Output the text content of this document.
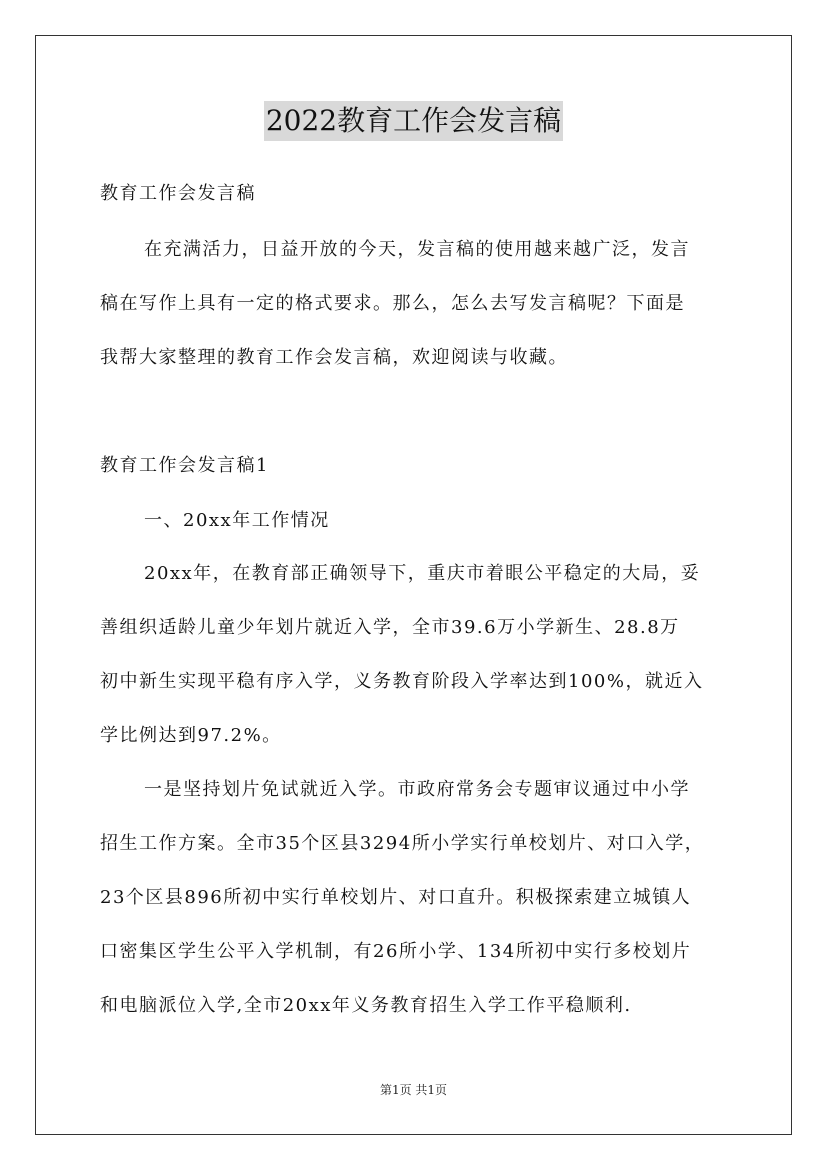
2022教育工作会发言稿
教育工作会发言稿
在充满活力，日益开放的今天，发言稿的使用越来越广泛，发言
稿在写作上具有一定的格式要求。那么，怎么去写发言稿呢？下面是
我帮大家整理的教育工作会发言稿，欢迎阅读与收藏。
教育工作会发言稿1
一、20xx年工作情况
20xx年，在教育部正确领导下，重庆市着眼公平稳定的大局，妥
善组织适龄儿童少年划片就近入学，全市39.6万小学新生、28.8万
初中新生实现平稳有序入学，义务教育阶段入学率达到100%，就近入
学比例达到97.2%。
一是坚持划片免试就近入学。市政府常务会专题审议通过中小学
招生工作方案。全市35个区县3294所小学实行单校划片、对口入学，
23个区县896所初中实行单校划片、对口直升。积极探索建立城镇人
口密集区学生公平入学机制，有26所小学、134所初中实行多校划片
和电脑派位入学,全市20xx年义务教育招生入学工作平稳顺利.
第1页 共1页
